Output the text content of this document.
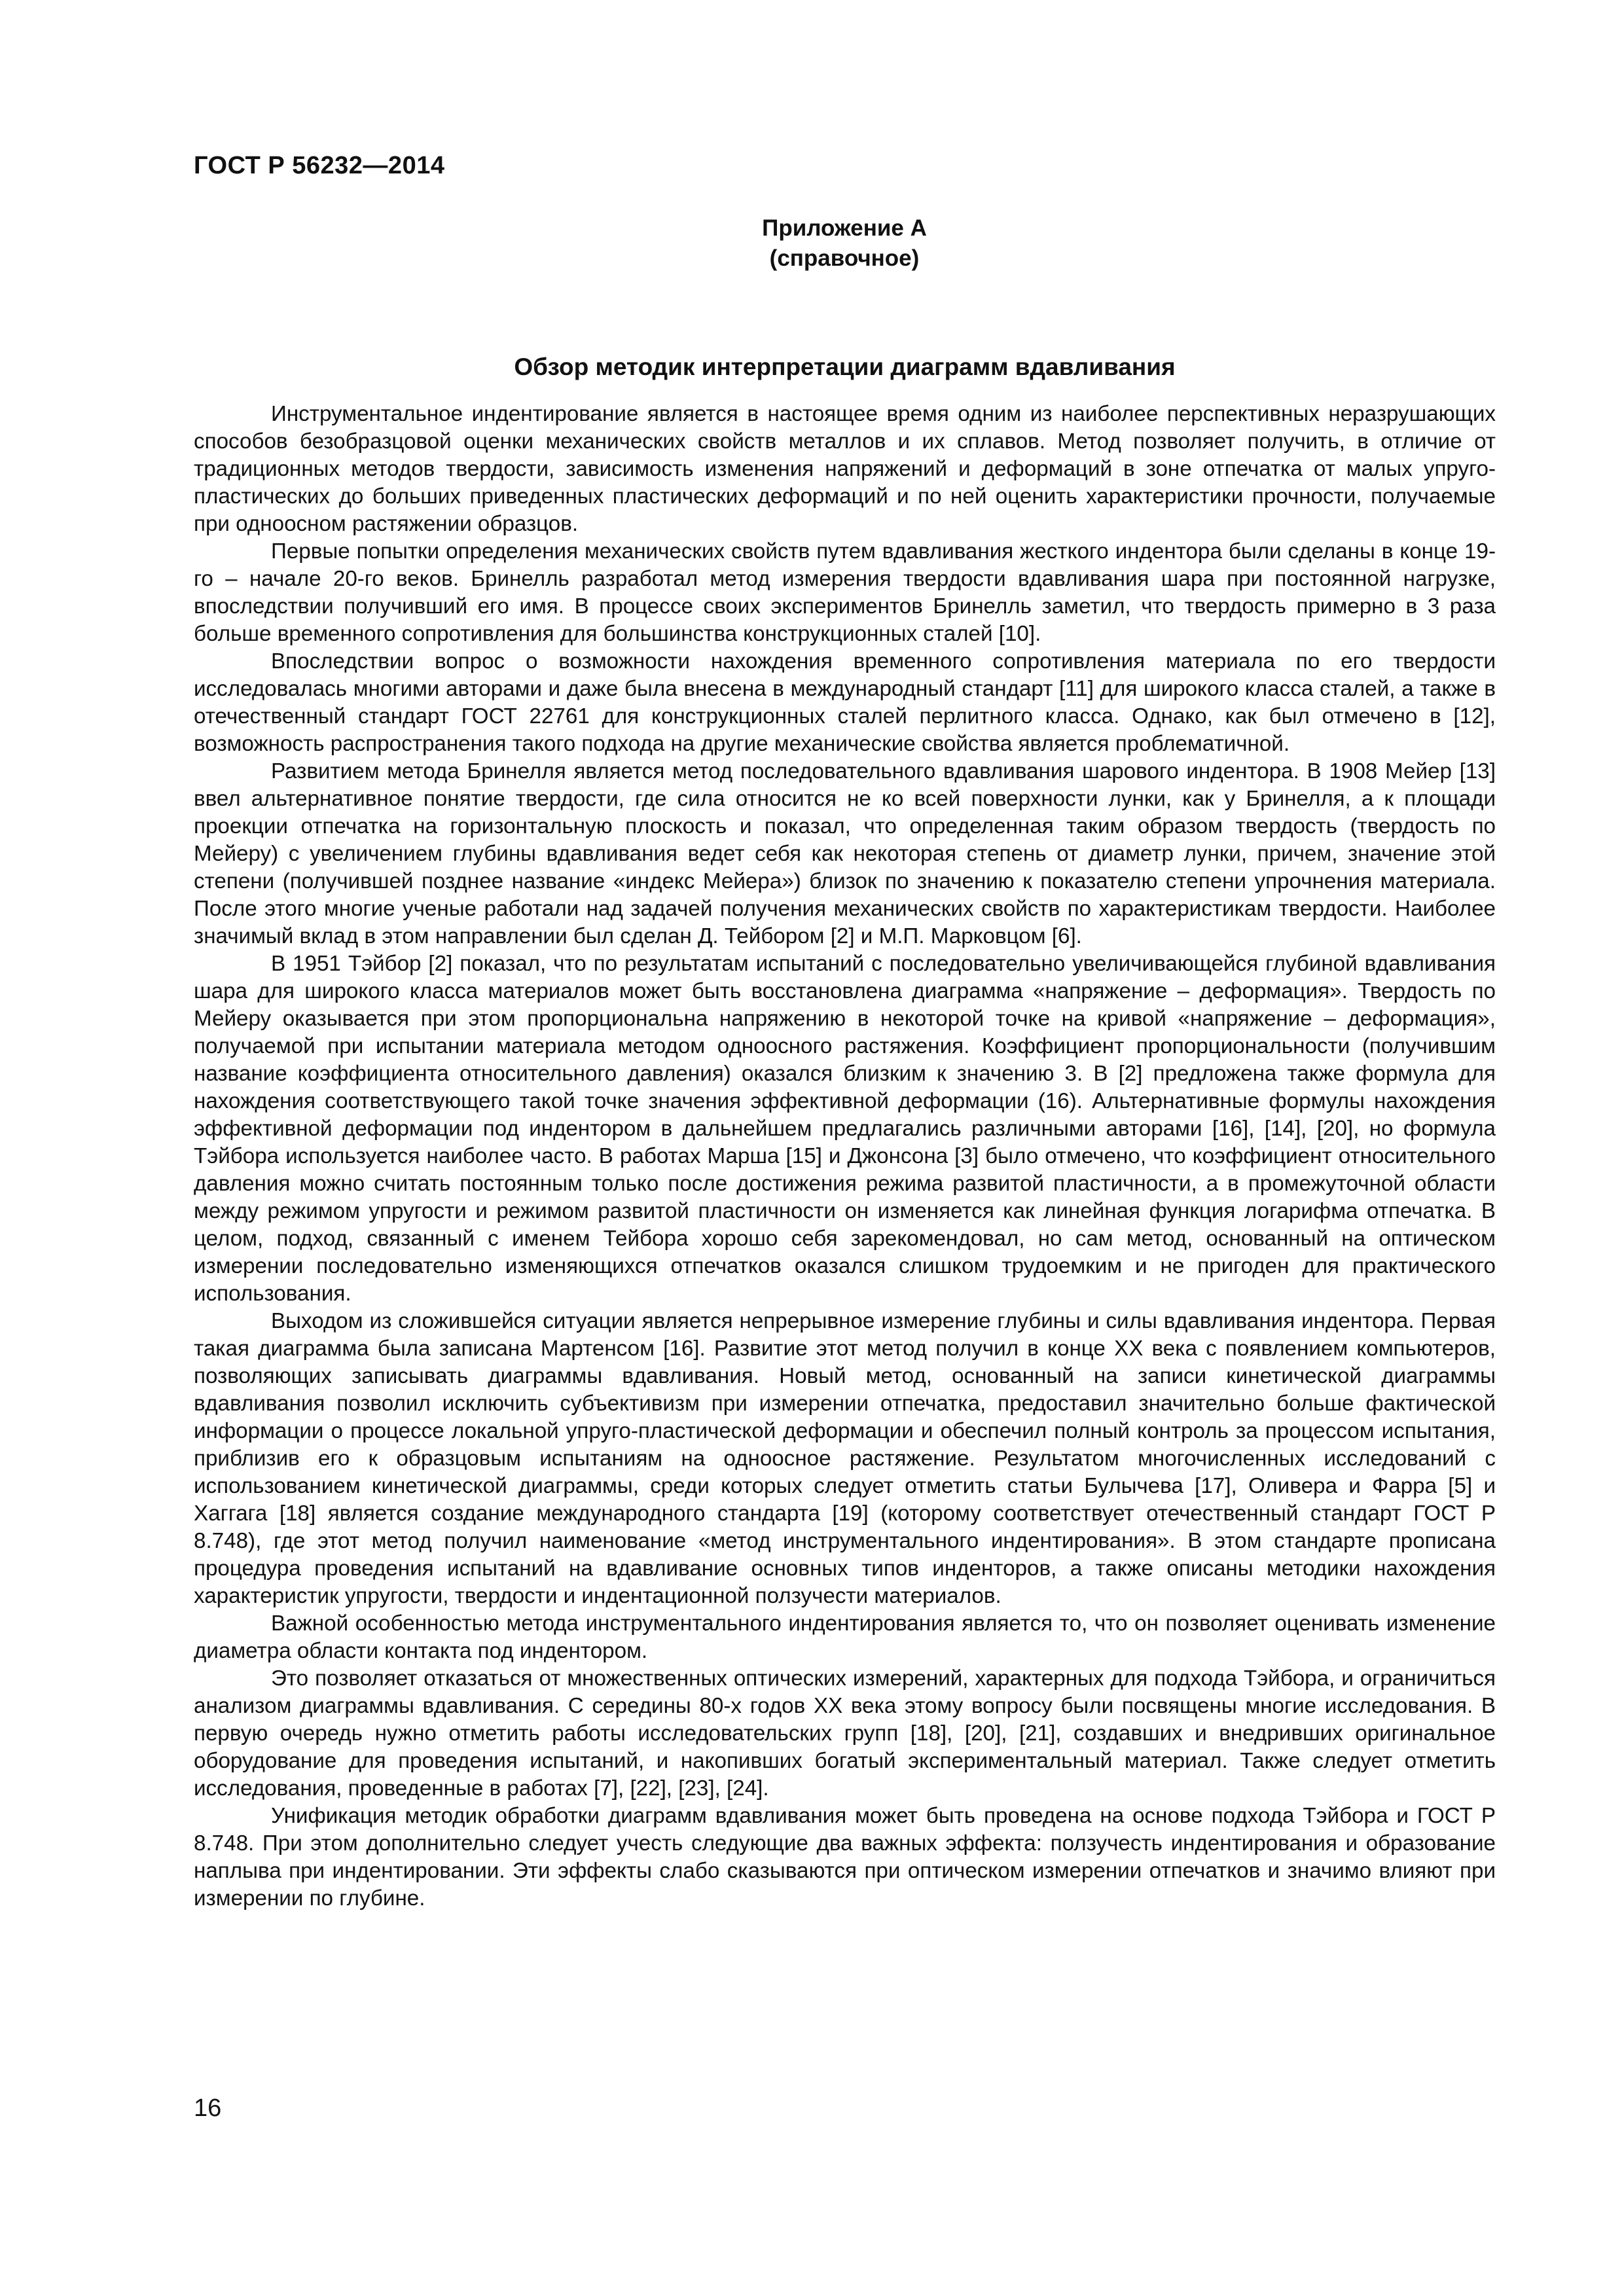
ГОСТ Р 56232—2014
Приложение А
(справочное)
Обзор методик интерпретации диаграмм вдавливания

Инструментальное индентирование является в настоящее время одним из наиболее перспективных неразрушающих способов безобразцовой оценки механических свойств металлов и их сплавов. Метод позволяет получить, в отличие от традиционных методов твердости, зависимость изменения напряжений и деформаций в зоне отпечатка от малых упруго-пластических до больших приведенных пластических деформаций и по ней оценить характеристики прочности, получаемые при одноосном растяжении образцов.

Первые попытки определения механических свойств путем вдавливания жесткого индентора были сделаны в конце 19-го – начале 20-го веков. Бринелль разработал метод измерения твердости вдавливания шара при постоянной нагрузке, впоследствии получивший его имя. В процессе своих экспериментов Бринелль заметил, что твердость примерно в 3 раза больше временного сопротивления для большинства конструкционных сталей [10].

Впоследствии вопрос о возможности нахождения временного сопротивления материала по его твердости исследовалась многими авторами и даже была внесена в международный стандарт [11] для широкого класса сталей, а также в отечественный стандарт ГОСТ 22761 для конструкционных сталей перлитного класса. Однако, как был отмечено в [12], возможность распространения такого подхода на другие механические свойства является проблематичной.

Развитием метода Бринелля является метод последовательного вдавливания шарового индентора. В 1908 Мейер [13] ввел альтернативное понятие твердости, где сила относится не ко всей поверхности лунки, как у Бринелля, а к площади проекции отпечатка на горизонтальную плоскость и показал, что определенная таким образом твердость (твердость по Мейеру) с увеличением глубины вдавливания ведет себя как некоторая степень от диаметр лунки, причем, значение этой степени (получившей позднее название «индекс Мейера») близок по значению к показателю степени упрочнения материала. После этого многие ученые работали над задачей получения механических свойств по характеристикам твердости. Наиболее значимый вклад в этом направлении был сделан Д. Тейбором [2] и М.П. Марковцом [6].

В 1951 Тэйбор [2] показал, что по результатам испытаний с последовательно увеличивающейся глубиной вдавливания шара для широкого класса материалов может быть восстановлена диаграмма «напряжение – деформация». Твердость по Мейеру оказывается при этом пропорциональна напряжению в некоторой точке на кривой «напряжение – деформация», получаемой при испытании материала методом одноосного растяжения. Коэффициент пропорциональности (получившим название коэффициента относительного давления) оказался близким к значению 3. В [2] предложена также формула для нахождения соответствующего такой точке значения эффективной деформации (16). Альтернативные формулы нахождения эффективной деформации под индентором в дальнейшем предлагались различными авторами [16], [14], [20], но формула Тэйбора используется наиболее часто. В работах Марша [15] и Джонсона [3] было отмечено, что коэффициент относительного давления можно считать постоянным только после достижения режима развитой пластичности, а в промежуточной области между режимом упругости и режимом развитой пластичности он изменяется как линейная функция логарифма отпечатка. В целом, подход, связанный с именем Тейбора хорошо себя зарекомендовал, но сам метод, основанный на оптическом измерении последовательно изменяющихся отпечатков оказался слишком трудоемким и не пригоден для практического использования.

Выходом из сложившейся ситуации является непрерывное измерение глубины и силы вдавливания индентора. Первая такая диаграмма была записана Мартенсом [16]. Развитие этот метод получил в конце XX века с появлением компьютеров, позволяющих записывать диаграммы вдавливания. Новый метод, основанный на записи кинетической диаграммы вдавливания позволил исключить субъективизм при измерении отпечатка, предоставил значительно больше фактической информации о процессе локальной упруго-пластической деформации и обеспечил полный контроль за процессом испытания, приблизив его к образцовым испытаниям на одноосное растяжение. Результатом многочисленных исследований с использованием кинетической диаграммы, среди которых следует отметить статьи Булычева [17], Оливера и Фарра [5] и Хаггага [18] является создание международного стандарта [19] (которому соответствует отечественный стандарт ГОСТ Р 8.748), где этот метод получил наименование «метод инструментального индентирования». В этом стандарте прописана процедура проведения испытаний на вдавливание основных типов инденторов, а также описаны методики нахождения характеристик упругости, твердости и индентационной ползучести материалов.

Важной особенностью метода инструментального индентирования является то, что он позволяет оценивать изменение диаметра области контакта под индентором.

Это позволяет отказаться от множественных оптических измерений, характерных для подхода Тэйбора, и ограничиться анализом диаграммы вдавливания. С середины 80-х годов XX века этому вопросу были посвящены многие исследования. В первую очередь нужно отметить работы исследовательских групп [18], [20], [21], создавших и внедривших оригинальное оборудование для проведения испытаний, и накопивших богатый экспериментальный материал. Также следует отметить исследования, проведенные в работах [7], [22], [23], [24].

Унификация методик обработки диаграмм вдавливания может быть проведена на основе подхода Тэйбора и ГОСТ Р 8.748. При этом дополнительно следует учесть следующие два важных эффекта: ползучесть индентирования и образование наплыва при индентировании. Эти эффекты слабо сказываются при оптическом измерении отпечатков и значимо влияют при измерении по глубине.

16
